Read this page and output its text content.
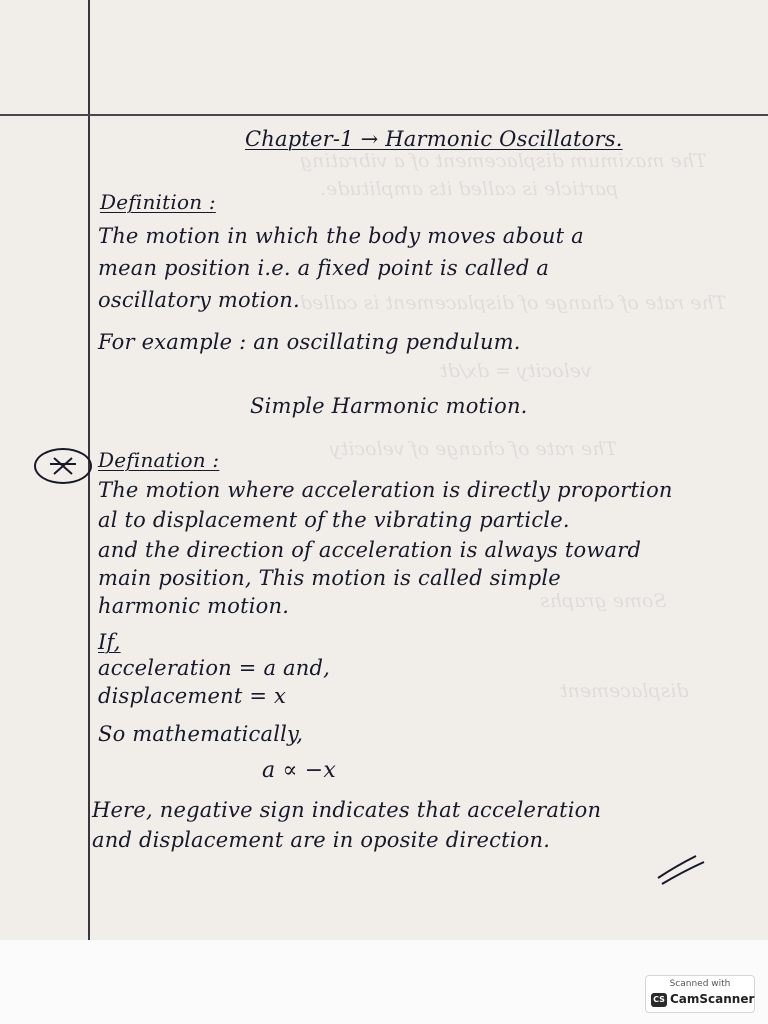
The maximum displacement of a vibrating
particle is called its amplitude.
The rate of change of displacement is called
velocity = dx/dt
The rate of change of velocity
Some graphs
displacement
Chapter-1 → Harmonic Oscillators.
Definition :
The motion in which the body moves about a
mean position i.e. a fixed point is called a
oscillatory motion.
For example : an oscillating pendulum.
Simple Harmonic motion.
Defination :
The motion where acceleration is directly proportion
al to displacement of the vibrating particle.
and the direction of acceleration is always toward
main position, This motion is called simple
harmonic motion.
If,
acceleration = a and,
displacement = x
So mathematically,
a ∝ −x
Here, negative sign indicates that acceleration
and displacement are in oposite direction.
Scanned with
CS CamScanner
